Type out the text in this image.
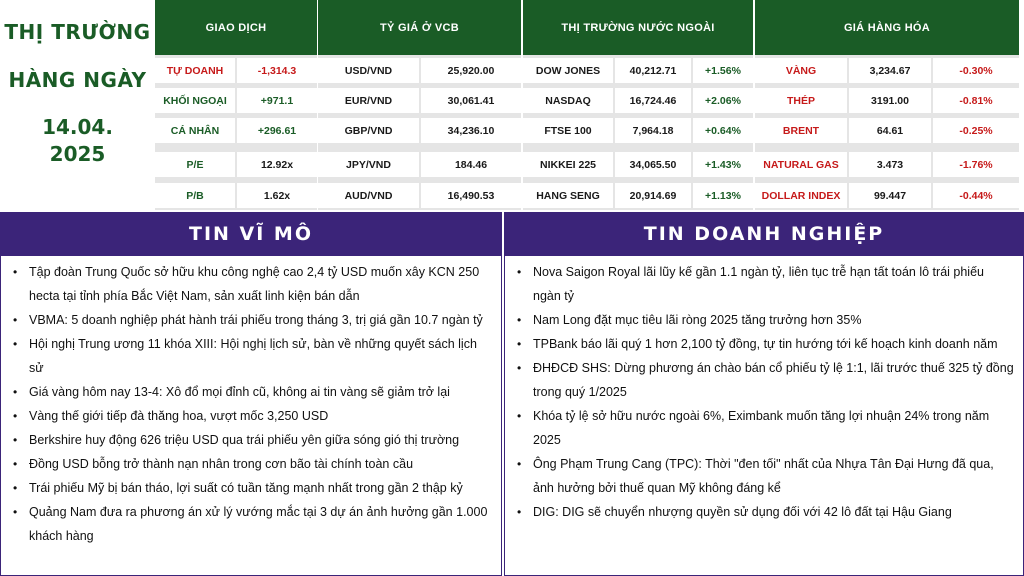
THỊ TRƯỜNG
HÀNG NGÀY
14.04.
2025
GIAO DỊCH
TỰ DOANH	-1,314.3
KHỐI NGOẠI	+971.1
CÁ NHÂN	+296.61
P/E	12.92x
P/B	1.62x
TỶ GIÁ Ở VCB
USD/VND	25,920.00
EUR/VND	30,061.41
GBP/VND	34,236.10
JPY/VND	184.46
AUD/VND	16,490.53
THỊ TRƯỜNG NƯỚC NGOÀI
DOW JONES	40,212.71	+1.56%
NASDAQ	16,724.46	+2.06%
FTSE 100	7,964.18	+0.64%
NIKKEI 225	34,065.50	+1.43%
HANG SENG	20,914.69	+1.13%
GIÁ HÀNG HÓA
VÀNG	3,234.67	-0.30%
THÉP	3191.00	-0.81%
BRENT	64.61	-0.25%
NATURAL GAS	3.473	-1.76%
DOLLAR INDEX	99.447	-0.44%
TIN VĨ MÔ
• Tập đoàn Trung Quốc sở hữu khu công nghệ cao 2,4 tỷ USD muốn xây KCN 250 hecta tại tỉnh phía Bắc Việt Nam, sản xuất linh kiện bán dẫn
• VBMA: 5 doanh nghiệp phát hành trái phiếu trong tháng 3, trị giá gần 10.7 ngàn tỷ
• Hội nghị Trung ương 11 khóa XIII: Hội nghị lịch sử, bàn về những quyết sách lịch sử
• Giá vàng hôm nay 13-4: Xô đổ mọi đỉnh cũ, không ai tin vàng sẽ giảm trở lại
• Vàng thế giới tiếp đà thăng hoa, vượt mốc 3,250 USD
• Berkshire huy động 626 triệu USD qua trái phiếu yên giữa sóng gió thị trường
• Đồng USD bỗng trở thành nạn nhân trong cơn bão tài chính toàn cầu
• Trái phiếu Mỹ bị bán tháo, lợi suất có tuần tăng mạnh nhất trong gần 2 thập kỷ
• Quảng Nam đưa ra phương án xử lý vướng mắc tại 3 dự án ảnh hưởng gần 1.000 khách hàng
TIN DOANH NGHIỆP
• Nova Saigon Royal lãi lũy kế gần 1.1 ngàn tỷ, liên tục trễ hạn tất toán lô trái phiếu ngàn tỷ
• Nam Long đặt mục tiêu lãi ròng 2025 tăng trưởng hơn 35%
• TPBank báo lãi quý 1 hơn 2,100 tỷ đồng, tự tin hướng tới kế hoạch kinh doanh năm
• ĐHĐCĐ SHS: Dừng phương án chào bán cổ phiếu tỷ lệ 1:1, lãi trước thuế 325 tỷ đồng trong quý 1/2025
• Khóa tỷ lệ sở hữu nước ngoài 6%, Eximbank muốn tăng lợi nhuận 24% trong năm 2025
• Ông Phạm Trung Cang (TPC): Thời "đen tối" nhất của Nhựa Tân Đại Hưng đã qua, ảnh hưởng bởi thuế quan Mỹ không đáng kể
• DIG: DIG sẽ chuyển nhượng quyền sử dụng đối với 42 lô đất tại Hậu Giang
